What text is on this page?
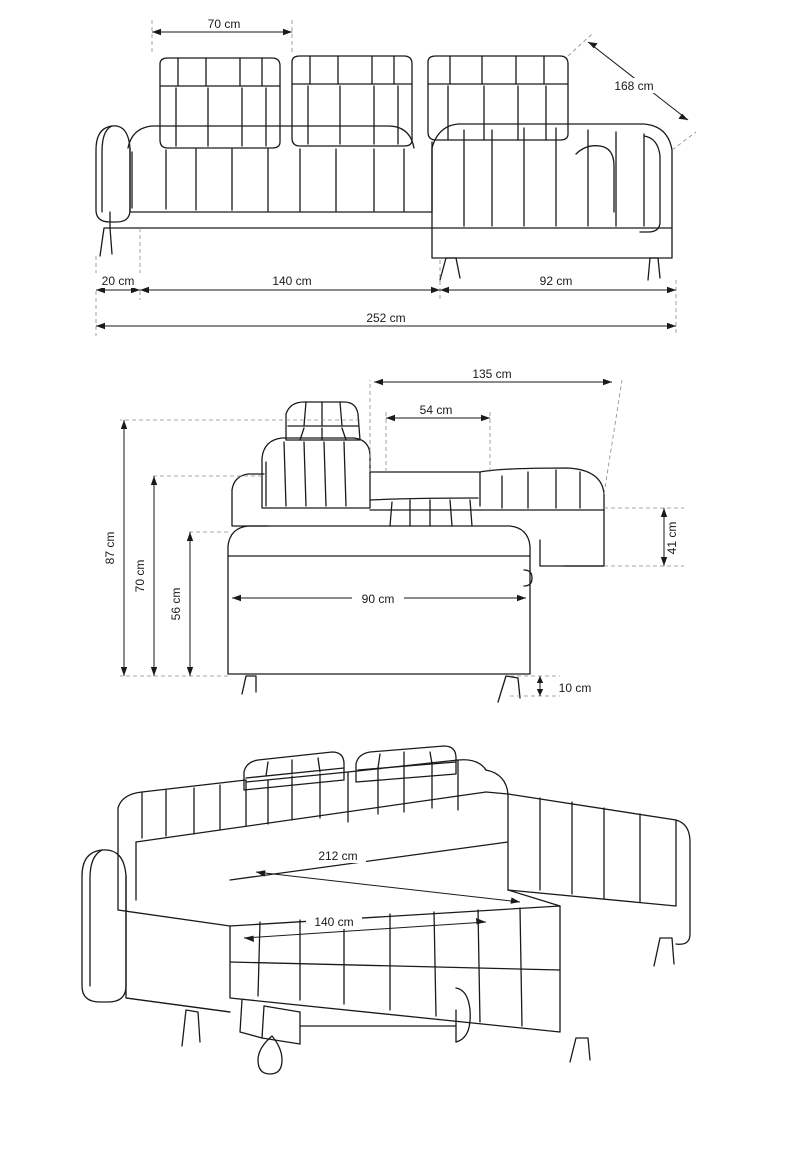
70 cm
168 cm
20 cm	140 cm	92 cm
252 cm
135 cm
54 cm
87 cm
70 cm
56 cm	90 cm
41 cm
10 cm
212 cm
140 cm
